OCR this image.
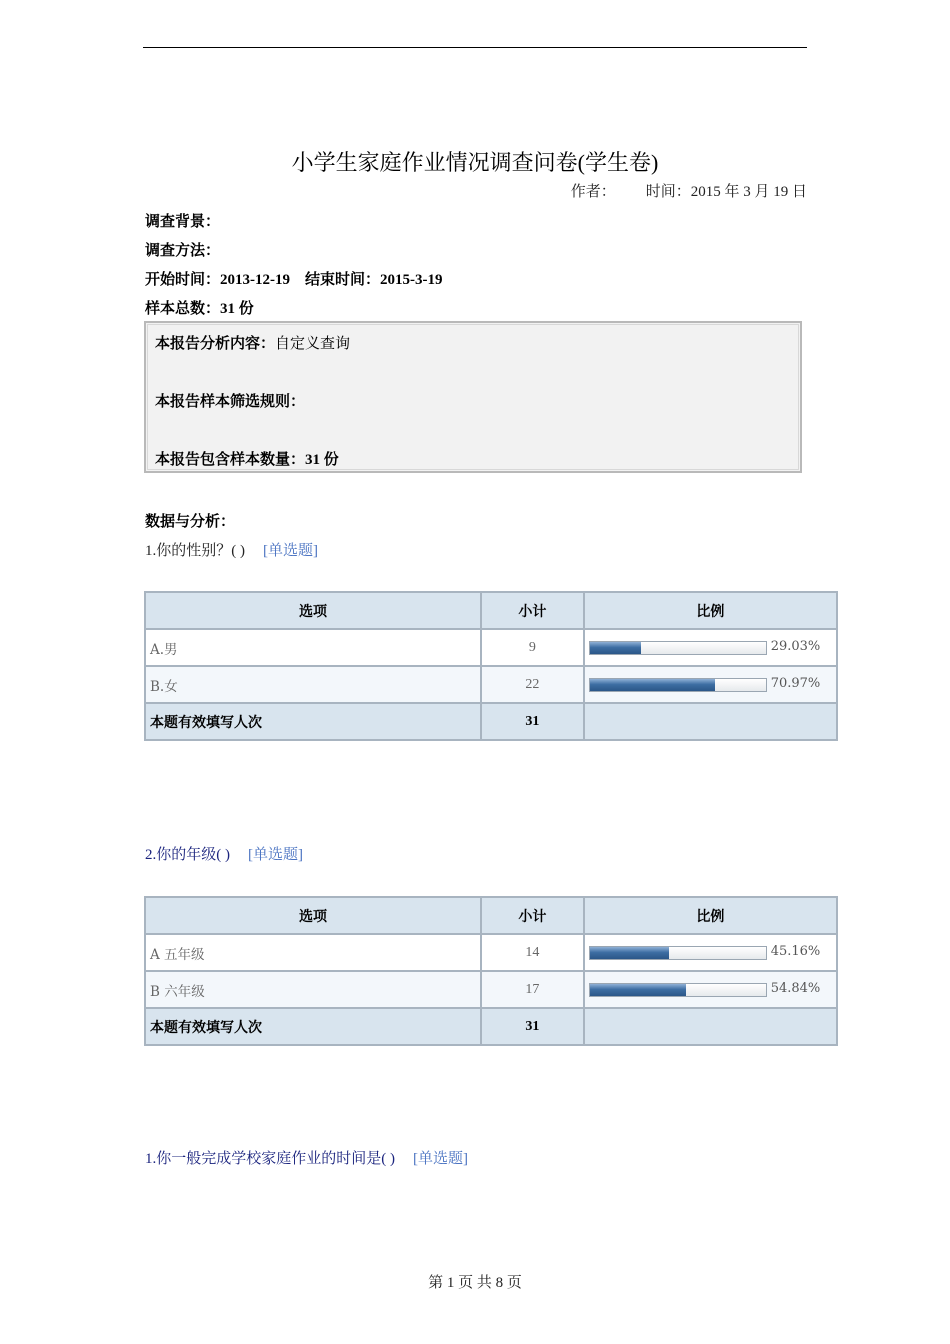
小学生家庭作业情况调查问卷(学生卷)
作者： 时间：2015 年 3 月 19 日
调查背景：
调查方法：
开始时间：2013-12-19 结束时间：2015-3-19
样本总数：31 份
本报告分析内容：自定义查询
本报告样本筛选规则：
本报告包含样本数量：31 份
数据与分析：
1.你的性别？( ) [单选题]
选项	小计	比例
A.男	9	29.03%

B.女	22	70.97%

本题有效填写人次	31	
2.你的年级( ) [单选题]
选项	小计	比例
A 五年级	14	45.16%

B 六年级	17	54.84%

本题有效填写人次	31	
1.你一般完成学校家庭作业的时间是( ) [单选题]
第 1 页 共 8 页
